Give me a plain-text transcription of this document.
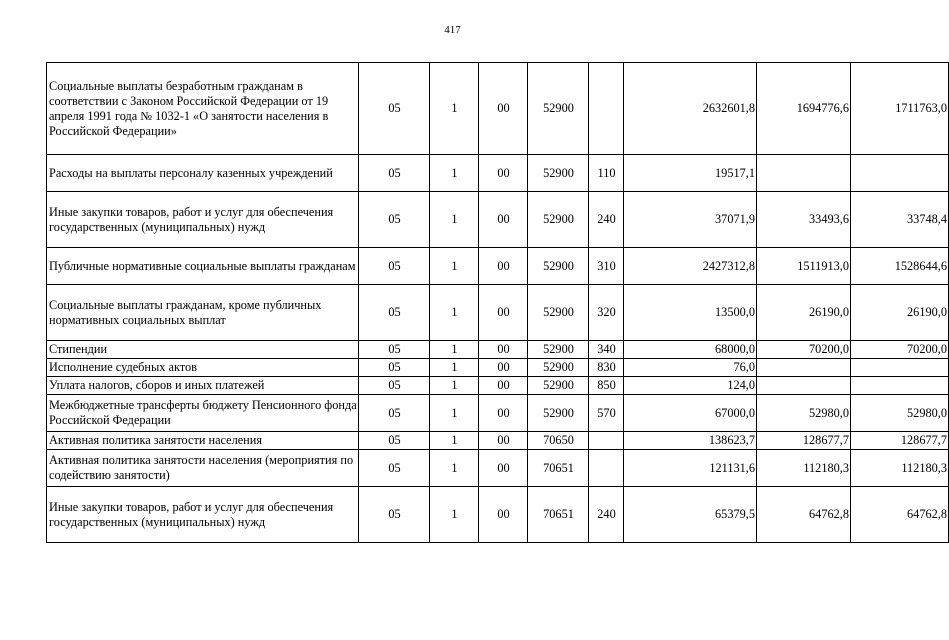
417
Социальные выплаты безработным гражданам в соответствии с Законом Российской Федерации от 19 апреля 1991 года № 1032-1 «О занятости населения в Российской Федерации»	05	1	00	52900		2632601,8	1694776,6	1711763,0
Расходы на выплаты персоналу казенных учреждений	05	1	00	52900	110	19517,1		
Иные закупки товаров, работ и услуг для обеспечения государственных (муниципальных) нужд	05	1	00	52900	240	37071,9	33493,6	33748,4
Публичные нормативные социальные выплаты гражданам	05	1	00	52900	310	2427312,8	1511913,0	1528644,6
Социальные выплаты гражданам, кроме публичных нормативных социальных выплат	05	1	00	52900	320	13500,0	26190,0	26190,0
Стипендии	05	1	00	52900	340	68000,0	70200,0	70200,0
Исполнение судебных актов	05	1	00	52900	830	76,0		
Уплата налогов, сборов и иных платежей	05	1	00	52900	850	124,0		
Межбюджетные трансферты бюджету Пенсионного фонда Российской Федерации	05	1	00	52900	570	67000,0	52980,0	52980,0
Активная политика занятости населения	05	1	00	70650		138623,7	128677,7	128677,7
Активная политика занятости населения (мероприятия по содействию занятости)	05	1	00	70651		121131,6	112180,3	112180,3
Иные закупки товаров, работ и услуг для обеспечения государственных (муниципальных) нужд	05	1	00	70651	240	65379,5	64762,8	64762,8
